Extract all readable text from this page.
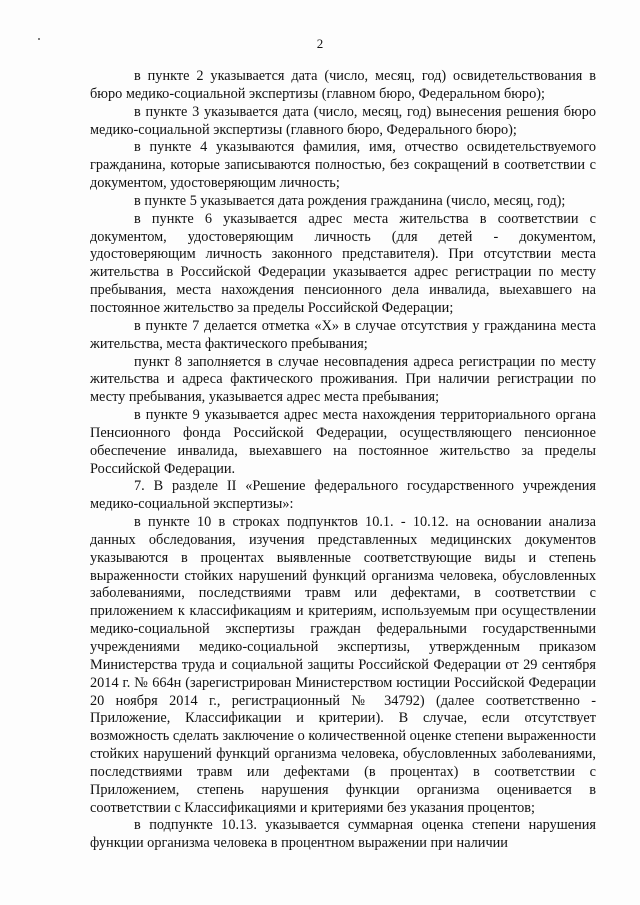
2

в пункте 2 указывается дата (число, месяц, год) освидетельствования в бюро медико-социальной экспертизы (главном бюро, Федеральном бюро);

в пункте 3 указывается дата (число, месяц, год) вынесения решения бюро медико-социальной экспертизы (главного бюро, Федерального бюро);

в пункте 4 указываются фамилия, имя, отчество освидетельствуемого гражданина, которые записываются полностью, без сокращений в соответствии с документом, удостоверяющим личность;

в пункте 5 указывается дата рождения гражданина (число, месяц, год);

в пункте 6 указывается адрес места жительства в соответствии с документом, удостоверяющим личность (для детей - документом, удостоверяющим личность законного представителя). При отсутствии места жительства в Российской Федерации указывается адрес регистрации по месту пребывания, места нахождения пенсионного дела инвалида, выехавшего на постоянное жительство за пределы Российской Федерации;

в пункте 7 делается отметка «Х» в случае отсутствия у гражданина места жительства, места фактического пребывания;

пункт 8 заполняется в случае несовпадения адреса регистрации по месту жительства и адреса фактического проживания. При наличии регистрации по месту пребывания, указывается адрес места пребывания;

в пункте 9 указывается адрес места нахождения территориального органа Пенсионного фонда Российской Федерации, осуществляющего пенсионное обеспечение инвалида, выехавшего на постоянное жительство за пределы Российской Федерации.

7. В разделе II «Решение федерального государственного учреждения медико-социальной экспертизы»:

в пункте 10 в строках подпунктов 10.1. - 10.12. на основании анализа данных обследования, изучения представленных медицинских документов указываются в процентах выявленные соответствующие виды и степень выраженности стойких нарушений функций организма человека, обусловленных заболеваниями, последствиями травм или дефектами, в соответствии с приложением к классификациям и критериям, используемым при осуществлении медико-социальной экспертизы граждан федеральными государственными учреждениями медико-социальной экспертизы, утвержденным приказом Министерства труда и социальной защиты Российской Федерации от 29 сентября 2014 г. № 664н (зарегистрирован Министерством юстиции Российской Федерации 20 ноября 2014 г., регистрационный № 34792) (далее соответственно - Приложение, Классификации и критерии). В случае, если отсутствует возможность сделать заключение о количественной оценке степени выраженности стойких нарушений функций организма человека, обусловленных заболеваниями, последствиями травм или дефектами (в процентах) в соответствии с Приложением, степень нарушения функции организма оценивается в соответствии с Классификациями и критериями без указания процентов;

в подпункте 10.13. указывается суммарная оценка степени нарушения функции организма человека в процентном выражении при наличии
